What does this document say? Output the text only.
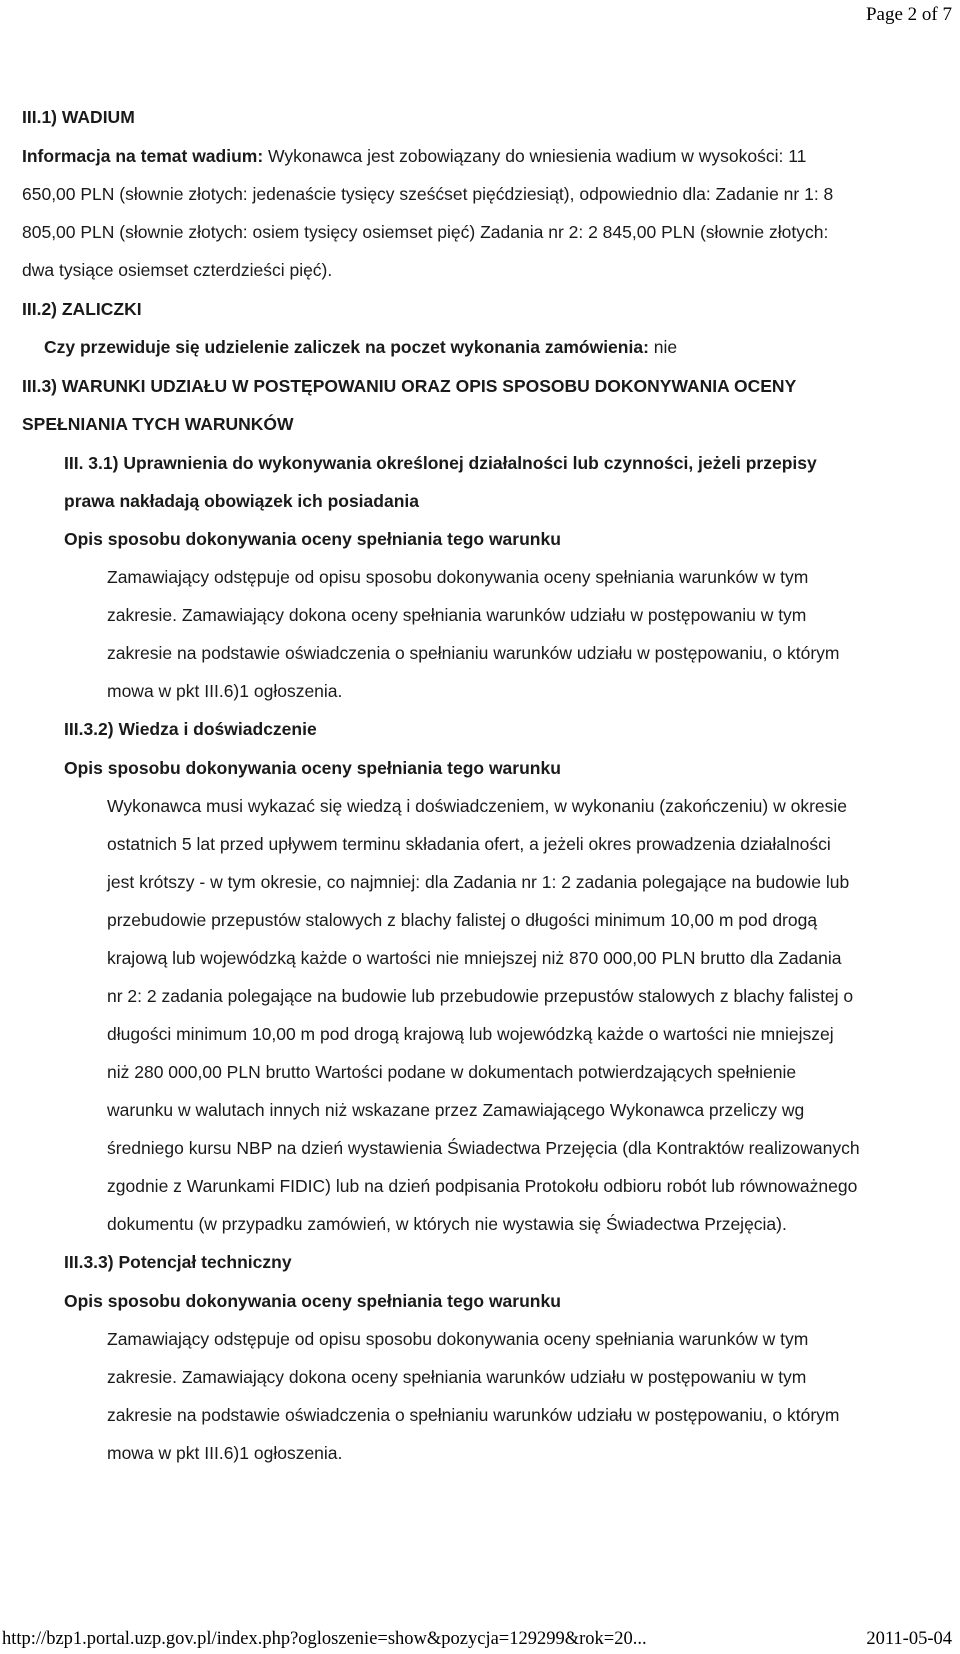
Page 2 of 7
III.1) WADIUM
Informacja na temat wadium: Wykonawca jest zobowiązany do wniesienia wadium w wysokości: 11
650,00 PLN (słownie złotych: jedenaście tysięcy sześćset pięćdziesiąt), odpowiednio dla: Zadanie nr 1: 8
805,00 PLN (słownie złotych: osiem tysięcy osiemset pięć) Zadania nr 2: 2 845,00 PLN (słownie złotych:
dwa tysiące osiemset czterdzieści pięć).
III.2) ZALICZKI
Czy przewiduje się udzielenie zaliczek na poczet wykonania zamówienia: nie
III.3) WARUNKI UDZIAŁU W POSTĘPOWANIU ORAZ OPIS SPOSOBU DOKONYWANIA OCENY
SPEŁNIANIA TYCH WARUNKÓW
III. 3.1) Uprawnienia do wykonywania określonej działalności lub czynności, jeżeli przepisy
prawa nakładają obowiązek ich posiadania
Opis sposobu dokonywania oceny spełniania tego warunku
Zamawiający odstępuje od opisu sposobu dokonywania oceny spełniania warunków w tym
zakresie. Zamawiający dokona oceny spełniania warunków udziału w postępowaniu w tym
zakresie na podstawie oświadczenia o spełnianiu warunków udziału w postępowaniu, o którym
mowa w pkt III.6)1 ogłoszenia.
III.3.2) Wiedza i doświadczenie
Opis sposobu dokonywania oceny spełniania tego warunku
Wykonawca musi wykazać się wiedzą i doświadczeniem, w wykonaniu (zakończeniu) w okresie
ostatnich 5 lat przed upływem terminu składania ofert, a jeżeli okres prowadzenia działalności
jest krótszy - w tym okresie, co najmniej: dla Zadania nr 1: 2 zadania polegające na budowie lub
przebudowie przepustów stalowych z blachy falistej o długości minimum 10,00 m pod drogą
krajową lub wojewódzką każde o wartości nie mniejszej niż 870 000,00 PLN brutto dla Zadania
nr 2: 2 zadania polegające na budowie lub przebudowie przepustów stalowych z blachy falistej o
długości minimum 10,00 m pod drogą krajową lub wojewódzką każde o wartości nie mniejszej
niż 280 000,00 PLN brutto Wartości podane w dokumentach potwierdzających spełnienie
warunku w walutach innych niż wskazane przez Zamawiającego Wykonawca przeliczy wg
średniego kursu NBP na dzień wystawienia Świadectwa Przejęcia (dla Kontraktów realizowanych
zgodnie z Warunkami FIDIC) lub na dzień podpisania Protokołu odbioru robót lub równoważnego
dokumentu (w przypadku zamówień, w których nie wystawia się Świadectwa Przejęcia).
III.3.3) Potencjał techniczny
Opis sposobu dokonywania oceny spełniania tego warunku
Zamawiający odstępuje od opisu sposobu dokonywania oceny spełniania warunków w tym
zakresie. Zamawiający dokona oceny spełniania warunków udziału w postępowaniu w tym
zakresie na podstawie oświadczenia o spełnianiu warunków udziału w postępowaniu, o którym
mowa w pkt III.6)1 ogłoszenia.
http://bzp1.portal.uzp.gov.pl/index.php?ogloszenie=show&pozycja=129299&rok=20...	2011-05-04
